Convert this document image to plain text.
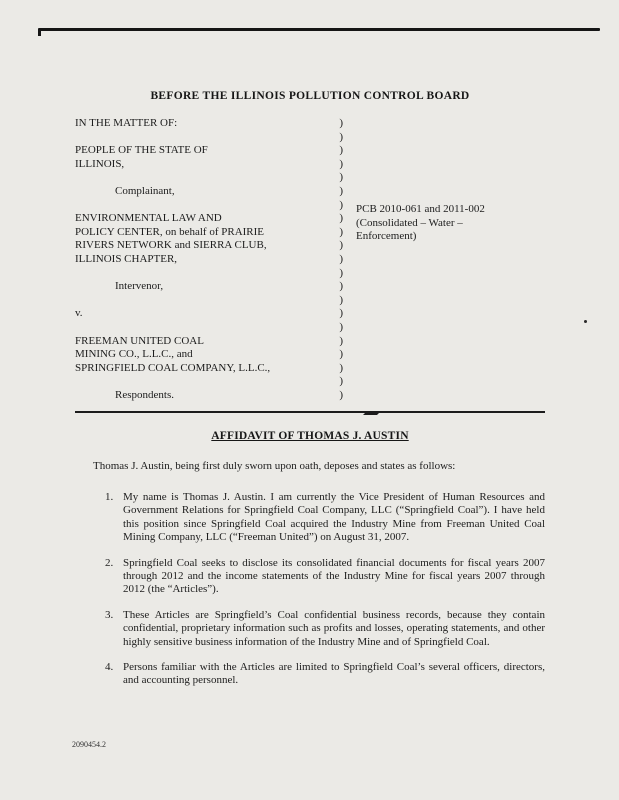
BEFORE THE ILLINOIS POLLUTION CONTROL BOARD
IN THE MATTER OF:	)
)
PEOPLE OF THE STATE OF	)
ILLINOIS,	)
)
Complainant,	)
)
ENVIRONMENTAL LAW AND	)
POLICY CENTER, on behalf of PRAIRIE	)
RIVERS NETWORK and SIERRA CLUB,	)
ILLINOIS CHAPTER,	)
)
Intervenor,	)
)
v.	)
)
FREEMAN UNITED COAL	)
MINING CO., L.L.C., and	)
SPRINGFIELD COAL COMPANY, L.L.C.,	)
)
Respondents.	)
PCB 2010-061 and 2011-002
(Consolidated – Water –
Enforcement)
AFFIDAVIT OF THOMAS J. AUSTIN

Thomas J. Austin, being first duly sworn upon oath, deposes and states as follows:

1. My name is Thomas J. Austin. I am currently the Vice President of Human Resources and Government Relations for Springfield Coal Company, LLC (“Springfield Coal”). I have held this position since Springfield Coal acquired the Industry Mine from Freeman United Coal Mining Company, LLC (“Freeman United”) on August 31, 2007.
2. Springfield Coal seeks to disclose its consolidated financial documents for fiscal years 2007 through 2012 and the income statements of the Industry Mine for fiscal years 2007 through 2012 (the “Articles”).
3. These Articles are Springfield’s Coal confidential business records, because they contain confidential, proprietary information such as profits and losses, operating statements, and other highly sensitive business information of the Industry Mine and of Springfield Coal.
4. Persons familiar with the Articles are limited to Springfield Coal’s several officers, directors, and accounting personnel.
2090454.2
